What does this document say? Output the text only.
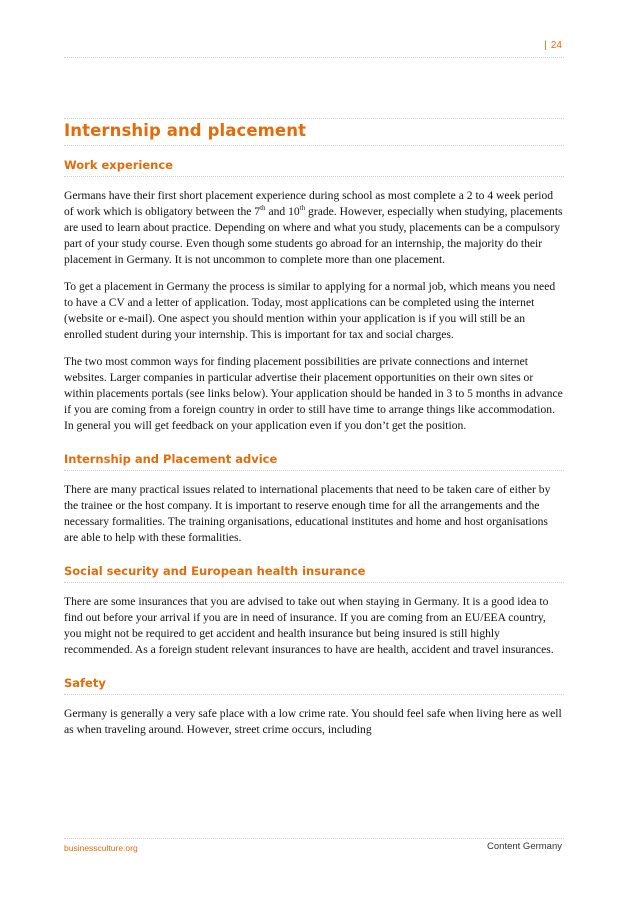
| 24
Internship and placement
Work experience

Germans have their first short placement experience during school as most complete a 2 to 4 week period of work which is obligatory between the 7th and 10th grade. However, especially when studying, placements are used to learn about practice. Depending on where and what you study, placements can be a compulsory part of your study course. Even though some students go abroad for an internship, the majority do their placement in Germany. It is not uncommon to complete more than one placement.

To get a placement in Germany the process is similar to applying for a normal job, which means you need to have a CV and a letter of application. Today, most applications can be completed using the internet (website or e-mail). One aspect you should mention within your application is if you will still be an enrolled student during your internship. This is important for tax and social charges.

The two most common ways for finding placement possibilities are private connections and internet websites. Larger companies in particular advertise their placement opportunities on their own sites or within placements portals (see links below). Your application should be handed in 3 to 5 months in advance if you are coming from a foreign country in order to still have time to arrange things like accommodation. In general you will get feedback on your application even if you don’t get the position.

Internship and Placement advice

There are many practical issues related to international placements that need to be taken care of either by the trainee or the host company. It is important to reserve enough time for all the arrangements and the necessary formalities. The training organisations, educational institutes and home and host organisations are able to help with these formalities.

Social security and European health insurance

There are some insurances that you are advised to take out when staying in Germany. It is a good idea to find out before your arrival if you are in need of insurance. If you are coming from an EU/EEA country, you might not be required to get accident and health insurance but being insured is still highly recommended. As a foreign student relevant insurances to have are health, accident and travel insurances.

Safety

Germany is generally a very safe place with a low crime rate. You should feel safe when living here as well as when traveling around. However, street crime occurs, including

businessculture.org	Content Germany
